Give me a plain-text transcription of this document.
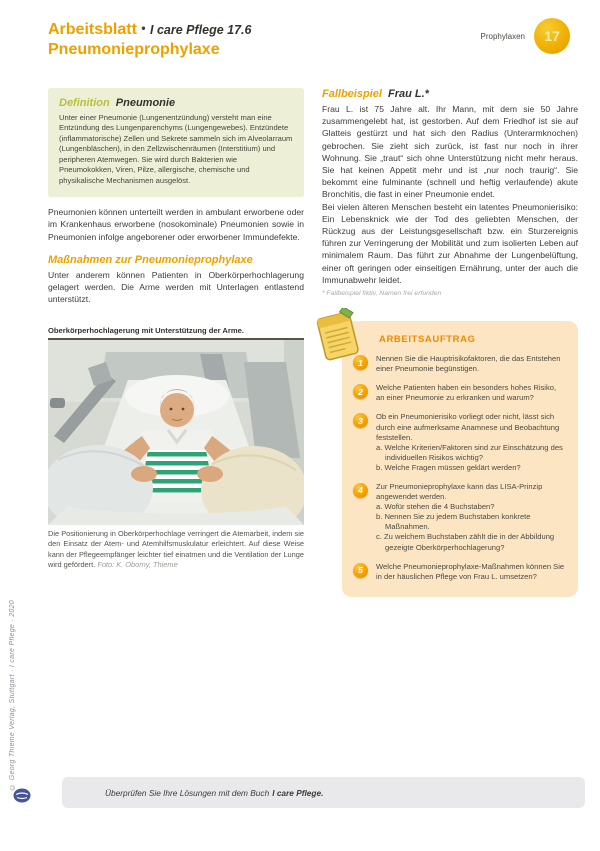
Arbeitsblatt • I care Pflege 17.6
Pneumonieprophylaxe
Prophylaxen	17
Definition Pneumonie
Unter einer Pneumonie (Lungenentzündung) versteht man eine Entzündung des Lungenparenchyms (Lungengewebes). Entzündete (inflammatorische) Zellen und Sekrete sammeln sich im Alveolarraum (Lungenbläschen), in den Zellzwischenräumen (Interstitium) und peripheren Atemwegen. Sie wird durch Bakterien wie Pneumokokken, Viren, Pilze, allergische, chemische und physikalische Mechanismen ausgelöst.

Pneumonien können unterteilt werden in ambulant erworbene oder im Krankenhaus erworbene (nosokominale) Pneumonien sowie in Pneumonien infolge angeborener oder erworbener Immundefekte.

Maßnahmen zur Pneumonieprophylaxe

Unter anderem können Patienten in Oberkörperhochlagerung gelagert werden. Die Arme werden mit Unterlagen entlastend unterstützt.

Oberkörperhochlagerung mit Unterstützung der Arme.

Die Positionierung in Oberkörperhochlage verringert die Atemarbeit, indem sie den Einsatz der Atem- und Atemhilfsmuskulatur erleichtert. Auf diese Weise kann der Pflegeempfänger leichter tief einatmen und die Ventilation der Lunge wird gefördert. Foto: K. Oborny, Thieme

Fallbeispiel Frau L.*

Frau L. ist 75 Jahre alt. Ihr Mann, mit dem sie 50 Jahre zusammengelebt hat, ist gestorben. Auf dem Friedhof ist sie auf Glatteis gestürzt und hat sich den Radius (Unterarmknochen) gebrochen. Sie zieht sich zurück, ist fast nur noch in ihrer Wohnung. Sie „traut“ sich ohne Unterstützung nicht mehr heraus. Sie hat keinen Appetit mehr und ist „nur noch traurig“. Sie bekommt eine fulminante (schnell und heftig verlaufende) akute Bronchitis, die fast in einer Pneumonie endet.

Bei vielen älteren Menschen besteht ein latentes Pneumonierisiko: Ein Lebensknick wie der Tod des geliebten Menschen, der Rückzug aus der Leistungsgesellschaft bzw. ein Sturzereignis führen zur Verringerung der Mobilität und zum isolierten Leben auf minimalem Raum. Das führt zur Abnahme der Lungenbelüftung, einer oft geringen oder einseitigen Ernährung, unter der auch die Immunabwehr leidet.

* Fallbeispiel fiktiv, Namen frei erfunden
ARBEITSAUFTRAG
1	Nennen Sie die Hauptrisikofaktoren, die das Entstehen einer Pneumonie begünstigen.
2	Welche Patienten haben ein besonders hohes Risiko, an einer Pneumonie zu erkranken und warum?
3	Ob ein Pneumonierisiko vorliegt oder nicht, lässt sich durch eine aufmerksame Anamnese und Beobachtung feststellen.
a. Welche Kriterien/Faktoren sind zur Einschätzung des individuellen Risikos wichtig?
b. Welche Fragen müssen geklärt werden?
4	Zur Pneumonieprophylaxe kann das LISA-Prinzip angewendet werden.
a. Wofür stehen die 4 Buchstaben?
b. Nennen Sie zu jedem Buchstaben konkrete Maßnahmen.
c. Zu welchem Buchstaben zählt die in der Abbildung gezeigte Oberkörperhochlagerung?
5	Welche Pneumonieprophylaxe-Maßnahmen können Sie in der häuslichen Pflege von Frau L. umsetzen?
© Georg Thieme Verlag, Stuttgart · I care Pflege · 2020
Überprüfen Sie Ihre Lösungen mit dem Buch I care Pflege.
